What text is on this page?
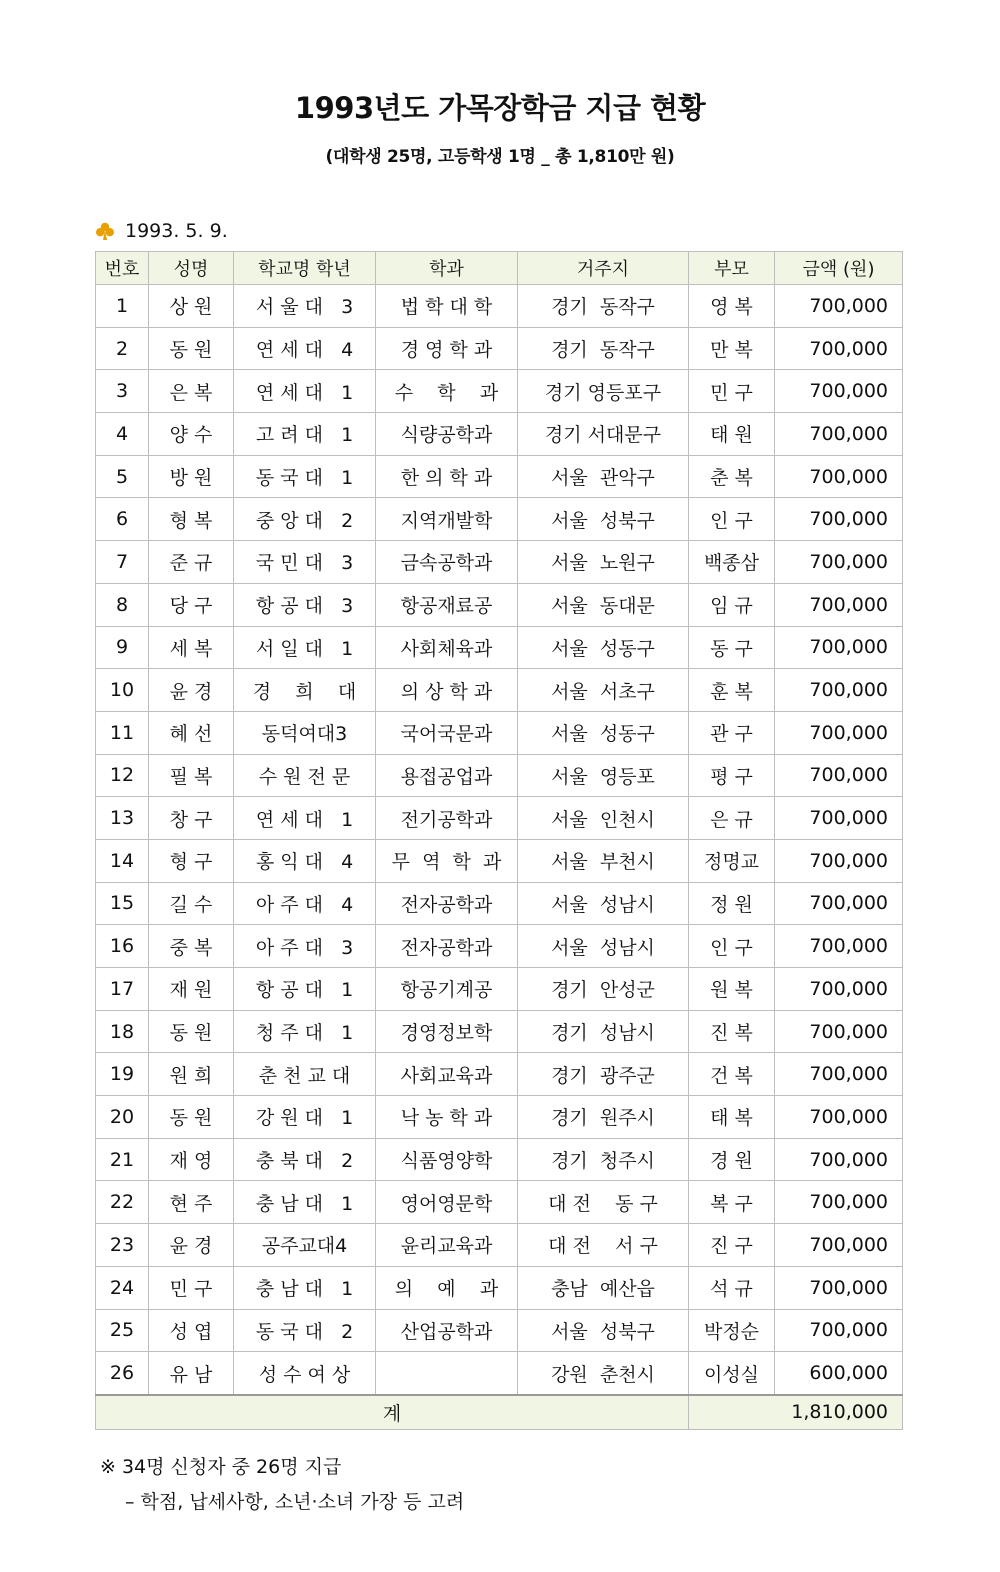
1993년도 가목장학금 지급 현황
(대학생 25명, 고등학생 1명 _ 총 1,810만 원)
1993. 5. 9.
번호	성명	학교명 학년	학과	거주지	부모	금액 (원)
1	상 원	서 울 대   3	법 학 대 학	경기  동작구	영 복	700,000
2	동 원	연 세 대   4	경 영 학 과	경기  동작구	만 복	700,000
3	은 복	연 세 대   1	수    학    과	경기 영등포구	민 구	700,000
4	양 수	고 려 대   1	식량공학과	경기 서대문구	태 원	700,000
5	방 원	동 국 대   1	한 의 학 과	서울  관악구	춘 복	700,000
6	형 복	중 앙 대   2	지역개발학	서울  성북구	인 구	700,000
7	준 규	국 민 대   3	금속공학과	서울  노원구	백종삼	700,000
8	당 구	항 공 대   3	항공재료공	서울  동대문	임 규	700,000
9	세 복	서 일 대   1	사회체육과	서울  성동구	동 구	700,000
10	윤 경	경    희    대	의 상 학 과	서울  서초구	훈 복	700,000
11	혜 선	동덕여대3	국어국문과	서울  성동구	관 구	700,000
12	필 복	수 원 전 문	용접공업과	서울  영등포	평 구	700,000
13	창 구	연 세 대   1	전기공학과	서울  인천시	은 규	700,000
14	형 구	홍 익 대   4	무  역  학  과	서울  부천시	정명교	700,000
15	길 수	아 주 대   4	전자공학과	서울  성남시	정 원	700,000
16	중 복	아 주 대   3	전자공학과	서울  성남시	인 구	700,000
17	재 원	항 공 대   1	항공기계공	경기  안성군	원 복	700,000
18	동 원	청 주 대   1	경영정보학	경기  성남시	진 복	700,000
19	원 희	춘 천 교 대	사회교육과	경기  광주군	건 복	700,000
20	동 원	강 원 대   1	낙 농 학 과	경기  원주시	태 복	700,000
21	재 영	충 북 대   2	식품영양학	경기  청주시	경 원	700,000
22	현 주	충 남 대   1	영어영문학	대 전    동 구	복 구	700,000
23	윤 경	공주교대4	윤리교육과	대 전    서 구	진 구	700,000
24	민 구	충 남 대   1	의    예    과	충남  예산읍	석 규	700,000
25	성 엽	동 국 대   2	산업공학과	서울  성북구	박정순	700,000
26	유 남	성 수 여 상		강원  춘천시	이성실	600,000
계					1,810,000	
※ 34명 신청자 중 26명 지급
– 학점, 납세사항, 소년·소녀 가장 등 고려
